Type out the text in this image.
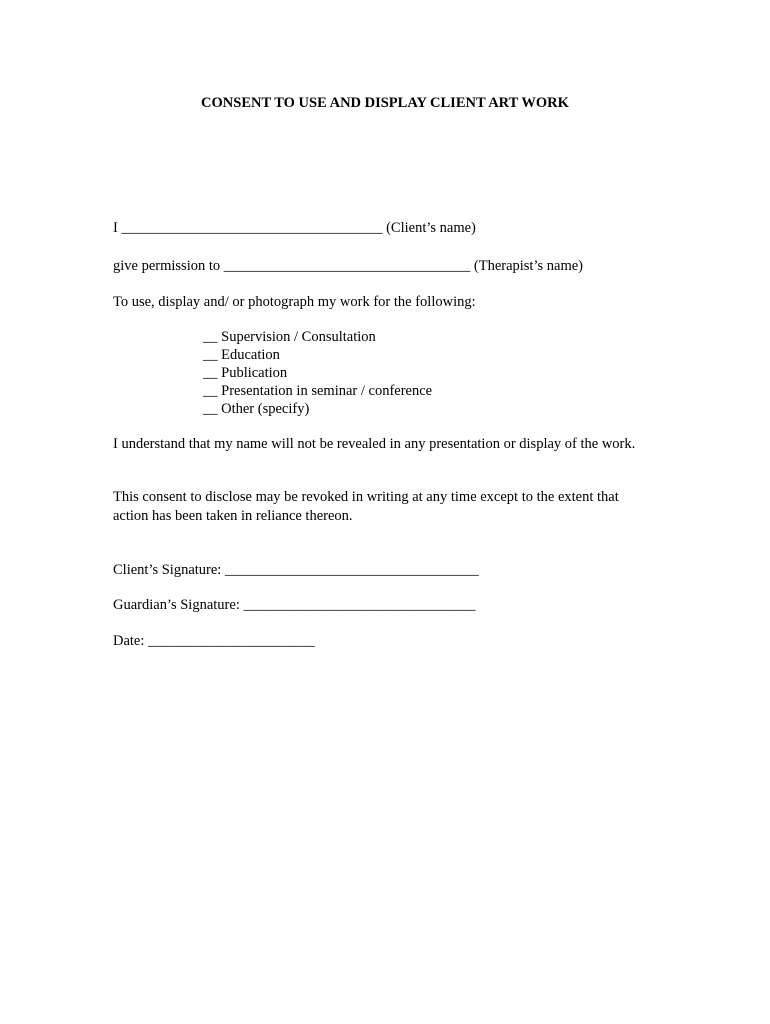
CONSENT TO USE AND DISPLAY CLIENT ART WORK
I ____________________________________ (Client’s name)
give permission to __________________________________ (Therapist’s name)
To use, display and/ or photograph my work for the following:
__ Supervision / Consultation
__ Education
__ Publication
__ Presentation in seminar / conference
__ Other (specify)
I understand that my name will not be revealed in any presentation or display of the work.
This consent to disclose may be revoked in writing at any time except to the extent that action has been taken in reliance thereon.
Client’s Signature: ___________________________________
Guardian’s Signature: ________________________________
Date: _______________________
